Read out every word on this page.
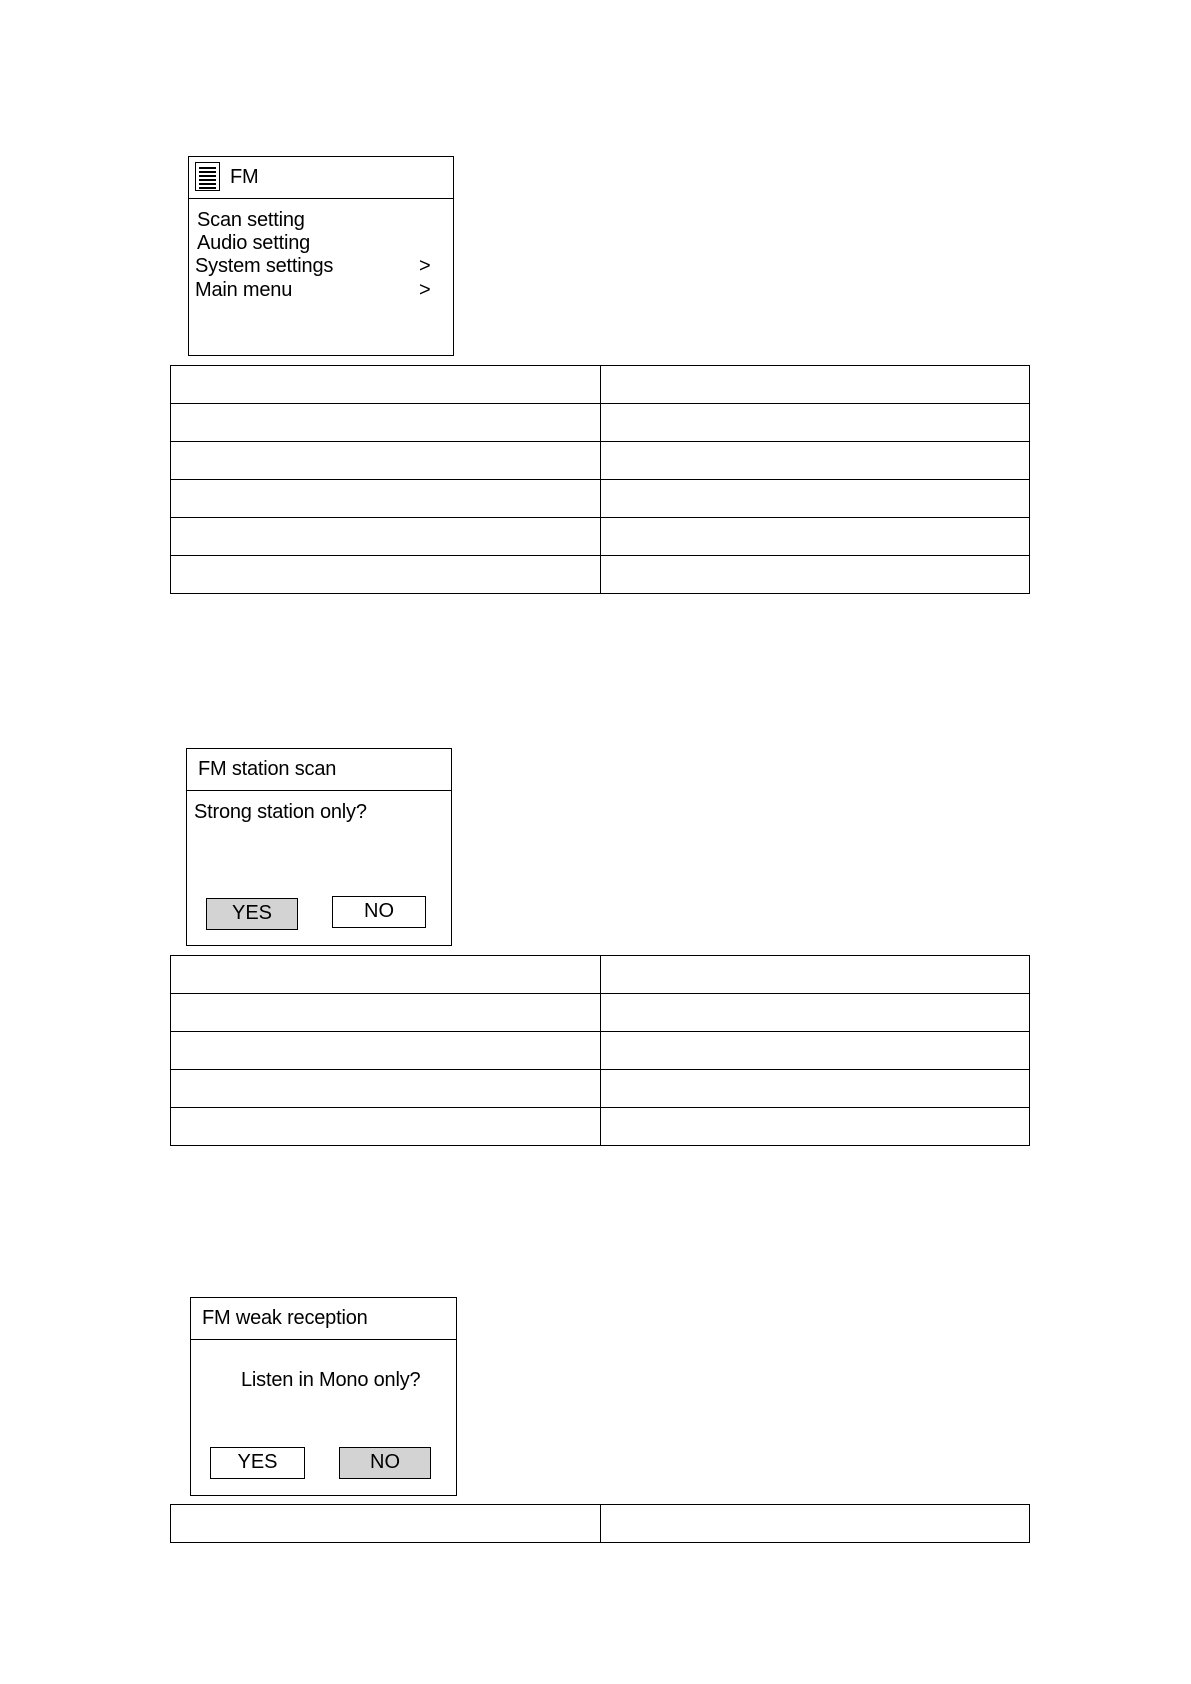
FM
Scan setting
Audio setting
System settings	>
Main menu	>

FM station scan
Strong station only?
YES	NO

FM weak reception
Listen in Mono only?
YES	NO
